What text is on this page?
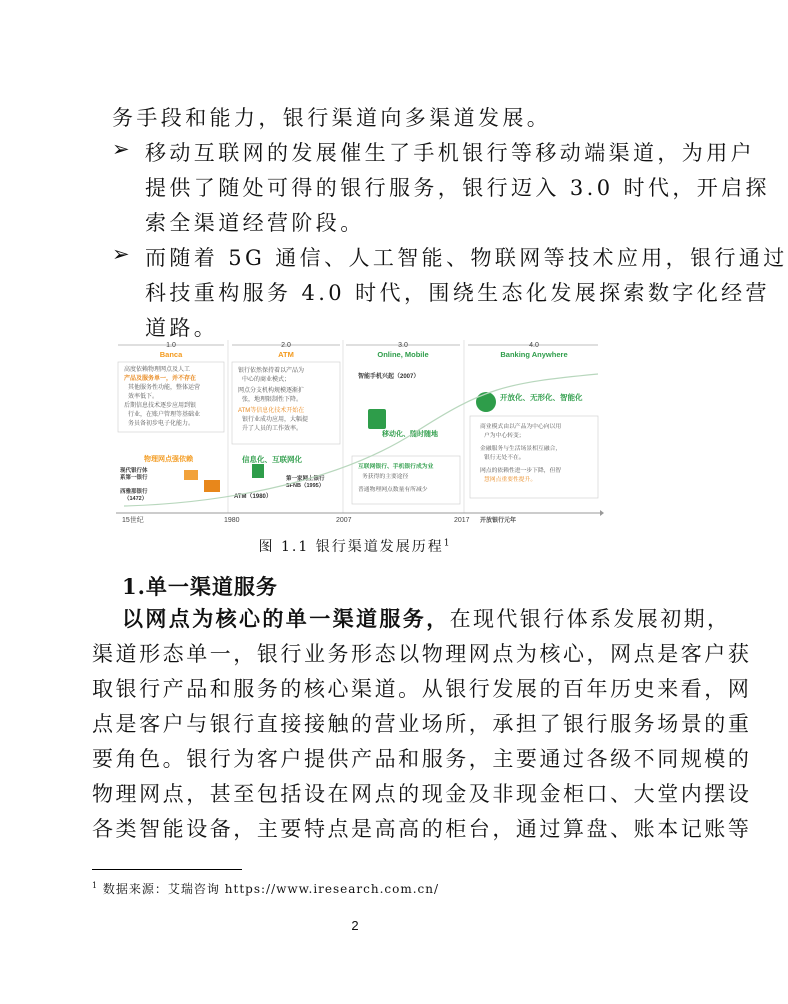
务手段和能力，银行渠道向多渠道发展。
➢ 移动互联网的发展催生了手机银行等移动端渠道，为用户
提供了随处可得的银行服务，银行迈入 3.0 时代，开启探
索全渠道经营阶段。
➢ 而随着 5G 通信、人工智能、物联网等技术应用，银行通过
科技重构服务 4.0 时代，围绕生态化发展探索数字化经营
道路。
1.0
Banca
2.0
ATM
3.0
Online, Mobile
4.0
Banking Anywhere
高度依赖物理网点及人工
产品及服务单一，并不存在
其他服务性功能，整体运营
效率低下。
后期信息技术逐步应用到银
行业，在账户管理等基础业
务员备初步电子化能力。
银行依然保持着以产品为
中心的商业模式；
网点分支机构规模逐渐扩
张，地理限制性下降。
ATM等信息化技术开始在
银行业成功应用，大幅提
升了人员的工作效率。
物理网点强依赖	信息化、互联网化
现代银行体
系第一银行
西雅那银行
（1472）	ATM（1980）
第一家网上银行
SFNB（1995）
智能手机兴起（2007）
移动化、随时随地
互联网银行、手机银行成为业
务获得的主要途径
普通物理网点数量有所减少
开放化、无形化、智能化
商业模式由以产品为中心向以用
户为中心转变；
金融服务与生活场景相互融合，
银行无处不在。
网点的依赖性进一步下降，但智
慧网点重要性提升。
15世纪	1980	2007	2017 开放银行元年
图 1.1 银行渠道发展历程$^1$
1.单一渠道服务
以网点为核心的单一渠道服务，在现代银行体系发展初期，
渠道形态单一，银行业务形态以物理网点为核心，网点是客户获
取银行产品和服务的核心渠道。从银行发展的百年历史来看，网
点是客户与银行直接接触的营业场所，承担了银行服务场景的重
要角色。银行为客户提供产品和服务，主要通过各级不同规模的
物理网点，甚至包括设在网点的现金及非现金柜口、大堂内摆设
各类智能设备，主要特点是高高的柜台，通过算盘、账本记账等
$^1$ 数据来源：艾瑞咨询 https://www.iresearch.com.cn/
2
